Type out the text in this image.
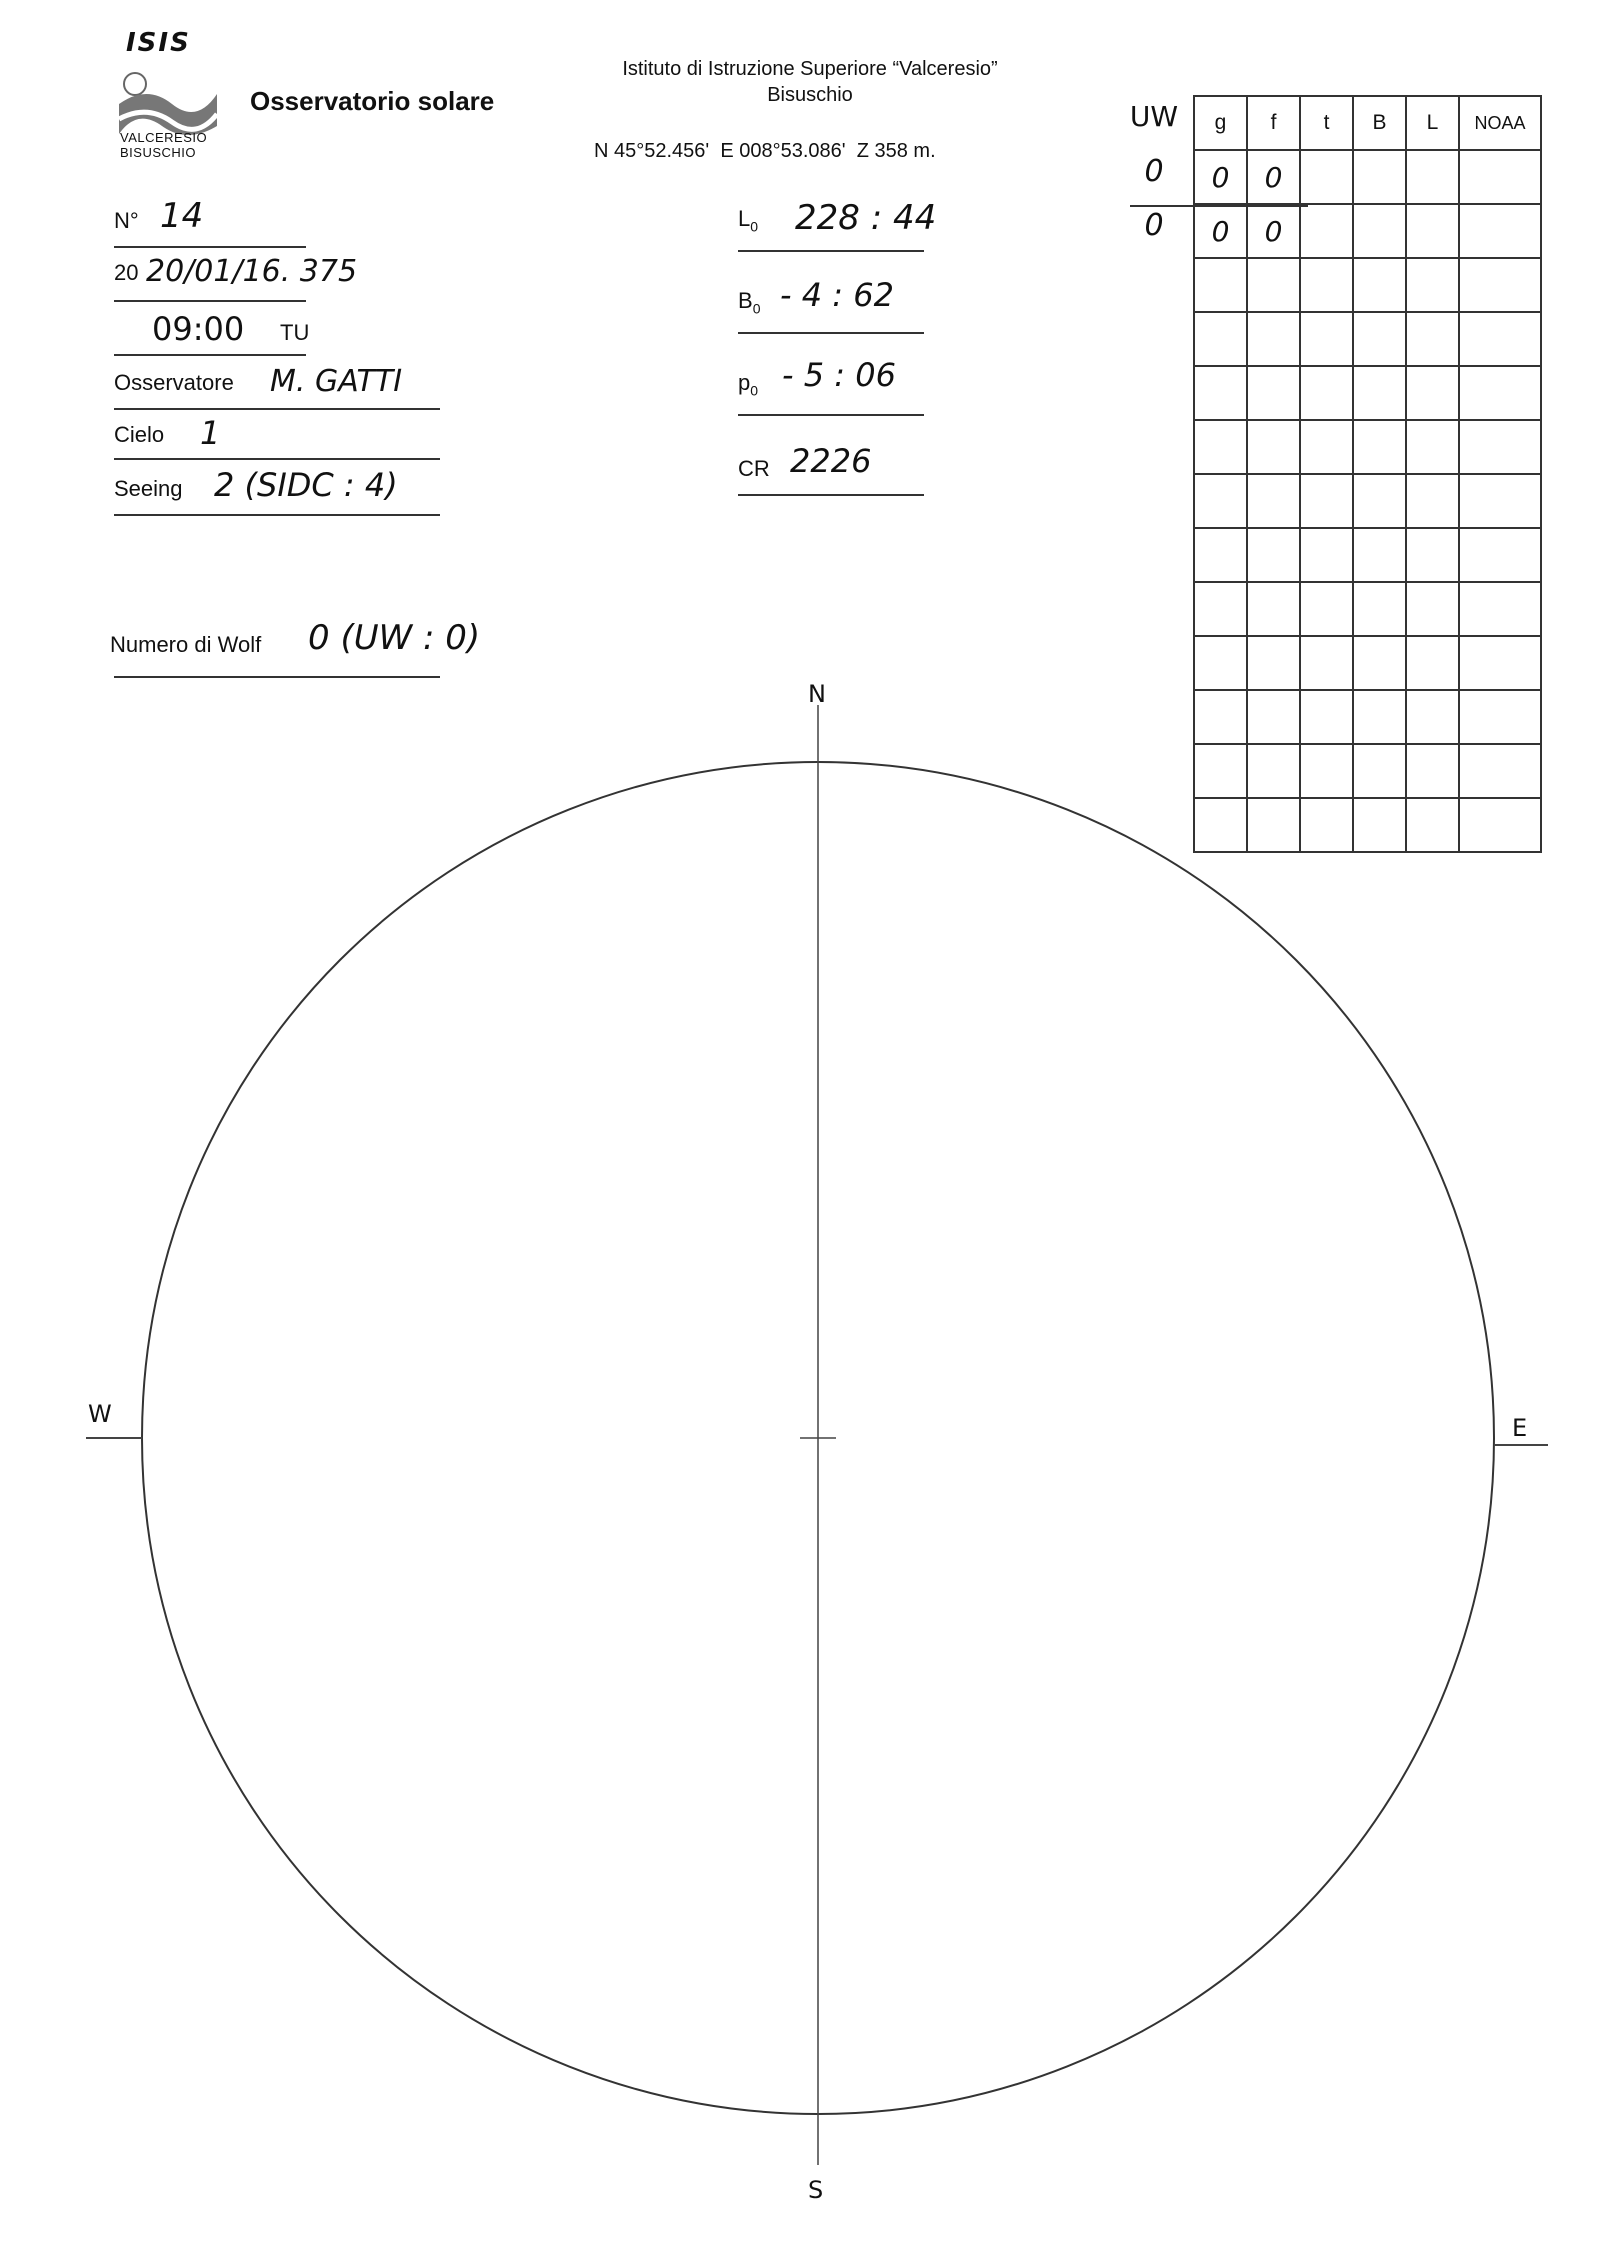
ISIS
VALCERESIO
BISUSCHIO
Osservatorio solare
Istituto di Istruzione Superiore “Valceresio”
Bisuschio
N 45°52.456'  E 008°53.086'  Z 358 m.
N° 14
20 20/01/16. 375
09:00 TU
Osservatore M. GATTI
Cielo 1
Seeing 2 (SIDC : 4)
Numero di Wolf 0 (UW : 0)
$L_0$ 228 : 44
$B_0 - 4$ : 62
$p_0 - 5$ : 06
CR 2226
UW
0
0
g	f	t	B	L	NOAA
0	0				
0	0				

N
S
W	E
